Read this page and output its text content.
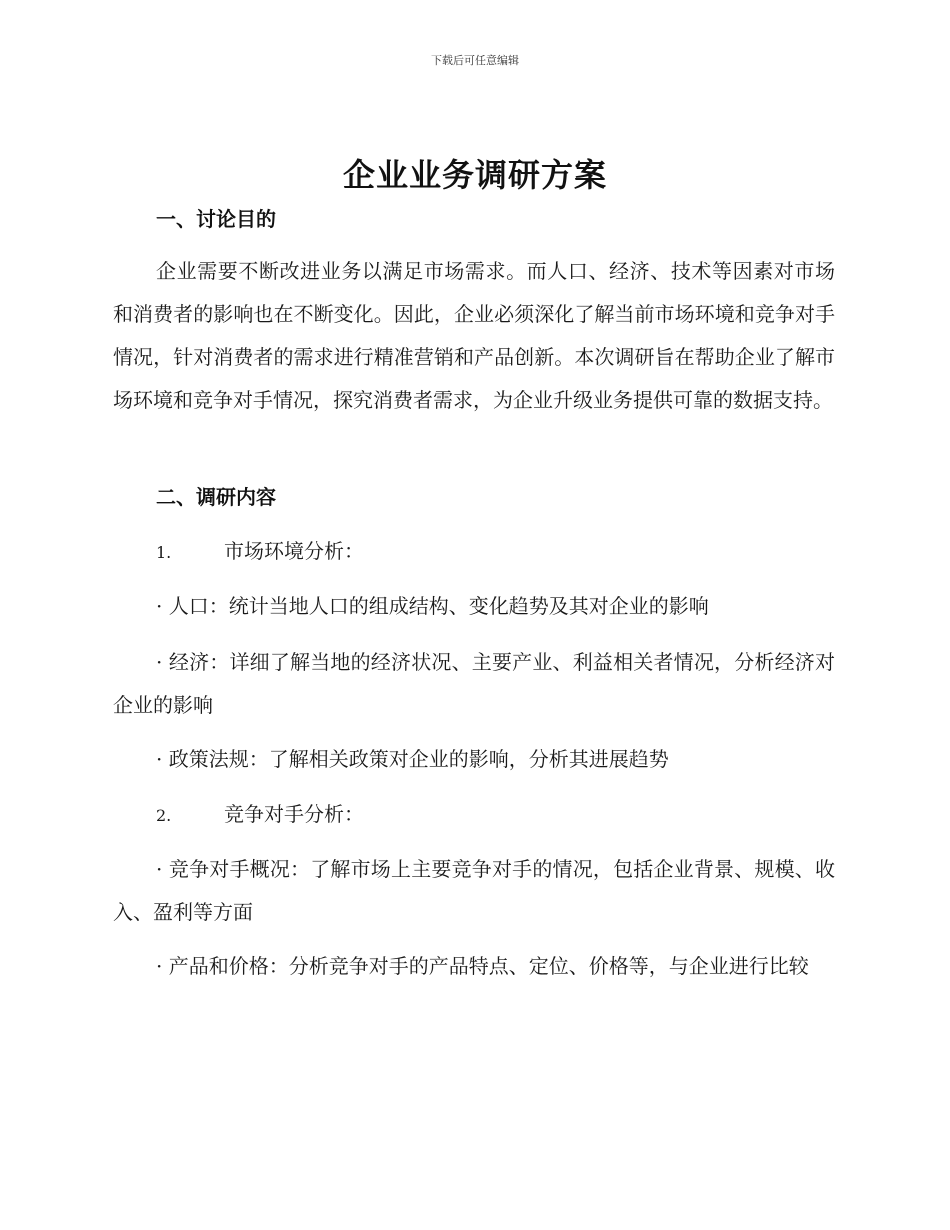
下载后可任意编辑
企业业务调研方案
一、讨论目的

企业需要不断改进业务以满足市场需求。而人口、经济、技术等因素对市场和消费者的影响也在不断变化。因此，企业必须深化了解当前市场环境和竞争对手情况，针对消费者的需求进行精准营销和产品创新。本次调研旨在帮助企业了解市场环境和竞争对手情况，探究消费者需求，为企业升级业务提供可靠的数据支持。

二、调研内容
1.	市场环境分析：

· 人口：统计当地人口的组成结构、变化趋势及其对企业的影响

· 经济：详细了解当地的经济状况、主要产业、利益相关者情况，分析经济对企业的影响

· 政策法规：了解相关政策对企业的影响，分析其进展趋势

2.	竞争对手分析：

· 竞争对手概况：了解市场上主要竞争对手的情况，包括企业背景、规模、收入、盈利等方面

· 产品和价格：分析竞争对手的产品特点、定位、价格等，与企业进行比较
